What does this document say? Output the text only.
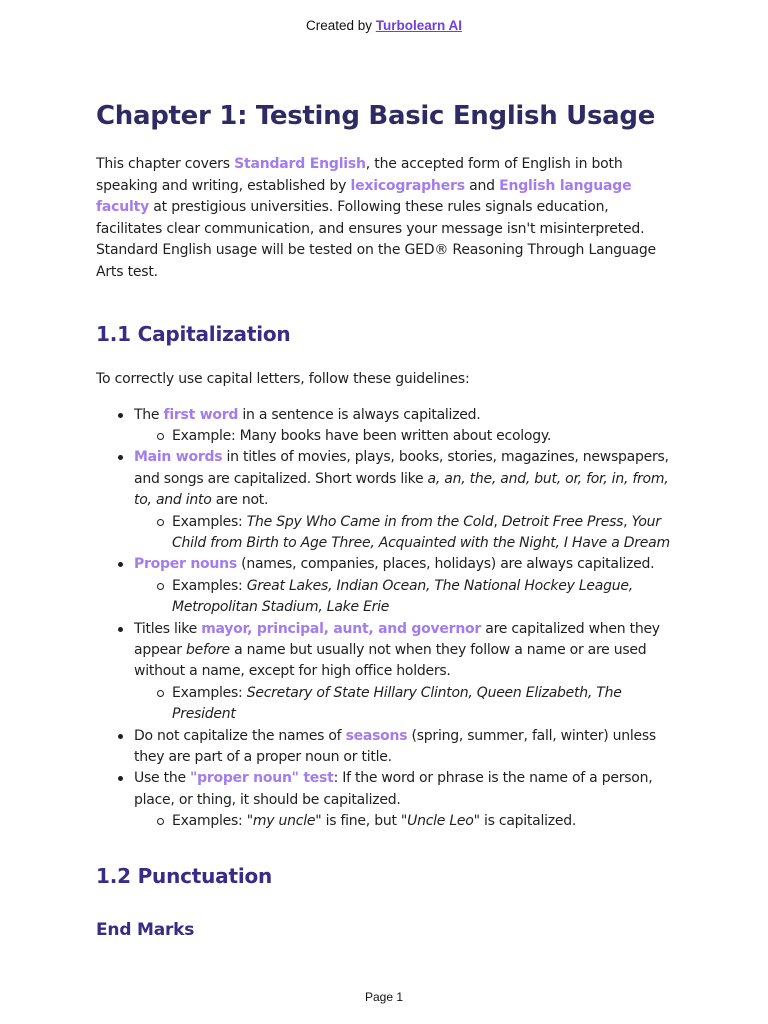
Created by Turbolearn AI
Chapter 1: Testing Basic English Usage

This chapter covers Standard English, the accepted form of English in both speaking and writing, established by lexicographers and English language faculty at prestigious universities. Following these rules signals education, facilitates clear communication, and ensures your message isn't misinterpreted. Standard English usage will be tested on the GED® Reasoning Through Language Arts test.

1.1 Capitalization

To correctly use capital letters, follow these guidelines:

The first word in a sentence is always capitalized.
Example: Many books have been written about ecology.
Main words in titles of movies, plays, books, stories, magazines, newspapers, and songs are capitalized. Short words like a, an, the, and, but, or, for, in, from, to, and into are not.
Examples: The Spy Who Came in from the Cold, Detroit Free Press, Your Child from Birth to Age Three, Acquainted with the Night, I Have a Dream
Proper nouns (names, companies, places, holidays) are always capitalized.
Examples: Great Lakes, Indian Ocean, The National Hockey League, Metropolitan Stadium, Lake Erie
Titles like mayor, principal, aunt, and governor are capitalized when they appear before a name but usually not when they follow a name or are used without a name, except for high office holders.
Examples: Secretary of State Hillary Clinton, Queen Elizabeth, The President
Do not capitalize the names of seasons (spring, summer, fall, winter) unless they are part of a proper noun or title.
Use the "proper noun" test: If the word or phrase is the name of a person, place, or thing, it should be capitalized.
Examples: "my uncle" is fine, but "Uncle Leo" is capitalized.
1.2 Punctuation
End Marks
Page 1
